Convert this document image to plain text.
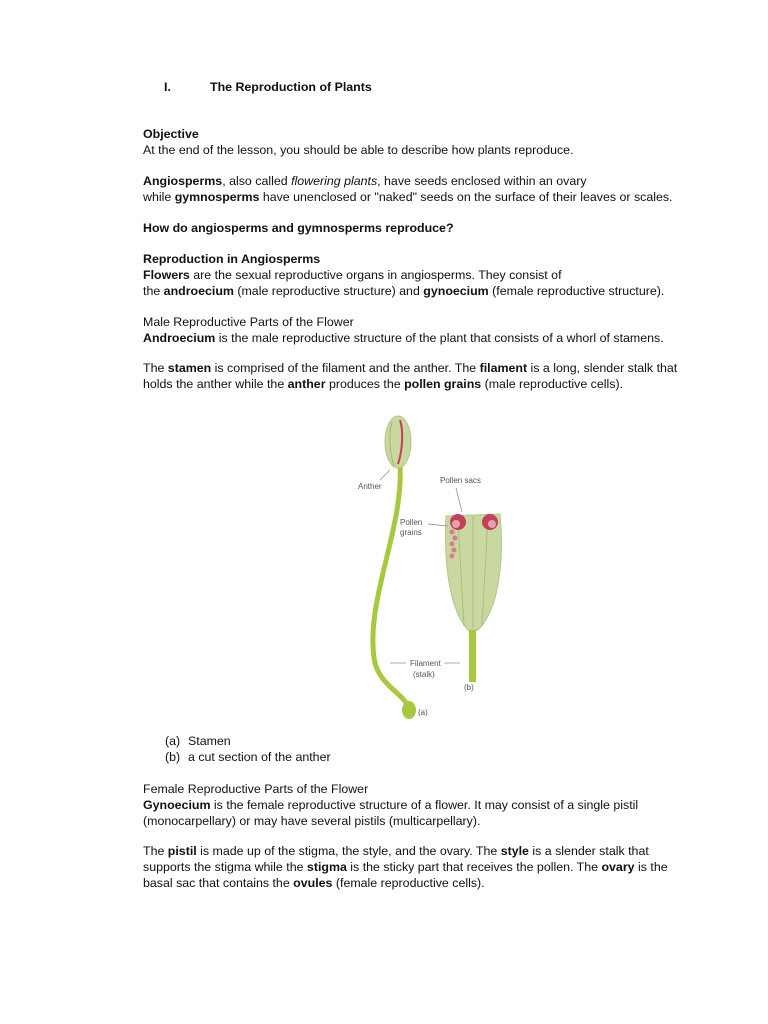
I.	The Reproduction of Plants
Objective
At the end of the lesson, you should be able to describe how plants reproduce.
Angiosperms, also called flowering plants, have seeds enclosed within an ovary
while gymnosperms have unenclosed or "naked" seeds on the surface of their leaves or scales.
How do angiosperms and gymnosperms reproduce?
Reproduction in Angiosperms
Flowers are the sexual reproductive organs in angiosperms. They consist of
the androecium (male reproductive structure) and gynoecium (female reproductive structure).
Male Reproductive Parts of the Flower
Androecium is the male reproductive structure of the plant that consists of a whorl of stamens.
The stamen is comprised of the filament and the anther. The filament is a long, slender stalk that
holds the anther while the anther produces the pollen grains (male reproductive cells).
Anther
Pollen sacs
Pollen
grains
Filament
(stalk)
(a)
(b)
(a) Stamen
(b) a cut section of the anther
Female Reproductive Parts of the Flower
Gynoecium is the female reproductive structure of a flower. It may consist of a single pistil
(monocarpellary) or may have several pistils (multicarpellary).
The pistil is made up of the stigma, the style, and the ovary. The style is a slender stalk that
supports the stigma while the stigma is the sticky part that receives the pollen. The ovary is the
basal sac that contains the ovules (female reproductive cells).
